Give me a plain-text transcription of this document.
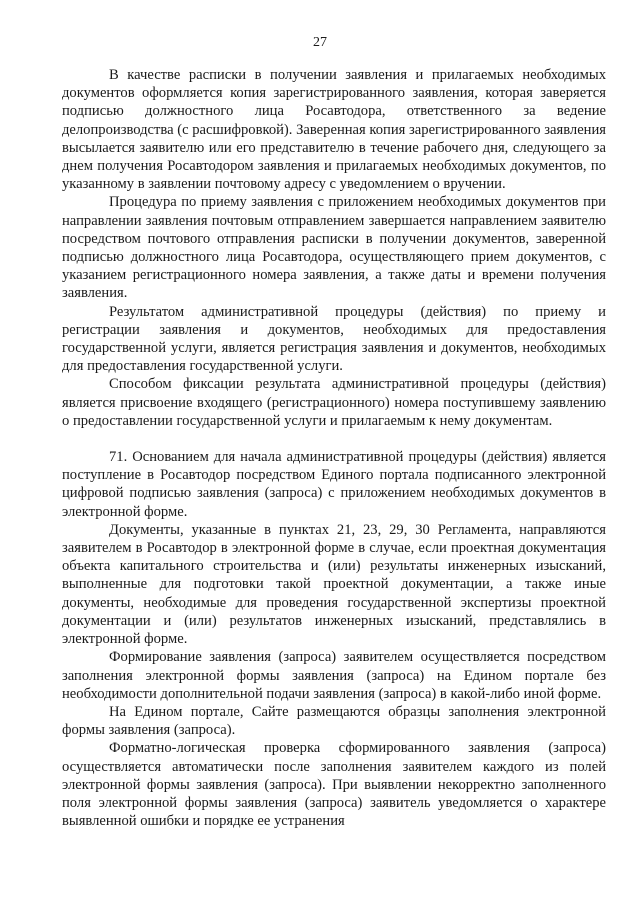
27

В качестве расписки в получении заявления и прилагаемых необходимых документов оформляется копия зарегистрированного заявления, которая заверяется подписью должностного лица Росавтодора, ответственного за ведение делопроизводства (с расшифровкой). Заверенная копия зарегистрированного заявления высылается заявителю или его представителю в течение рабочего дня, следующего за днем получения Росавтодором заявления и прилагаемых необходимых документов, по указанному в заявлении почтовому адресу с уведомлением о вручении.

Процедура по приему заявления с приложением необходимых документов при направлении заявления почтовым отправлением завершается направлением заявителю посредством почтового отправления расписки в получении документов, заверенной подписью должностного лица Росавтодора, осуществляющего прием документов, с указанием регистрационного номера заявления, а также даты и времени получения заявления.

Результатом административной процедуры (действия) по приему и регистрации заявления и документов, необходимых для предоставления государственной услуги, является регистрация заявления и документов, необходимых для предоставления государственной услуги.

Способом фиксации результата административной процедуры (действия) является присвоение входящего (регистрационного) номера поступившему заявлению о предоставлении государственной услуги и прилагаемым к нему документам.

71. Основанием для начала административной процедуры (действия) является поступление в Росавтодор посредством Единого портала подписанного электронной цифровой подписью заявления (запроса) с приложением необходимых документов в электронной форме.

Документы, указанные в пунктах 21, 23, 29, 30 Регламента, направляются заявителем в Росавтодор в электронной форме в случае, если проектная документация объекта капитального строительства и (или) результаты инженерных изысканий, выполненные для подготовки такой проектной документации, а также иные документы, необходимые для проведения государственной экспертизы проектной документации и (или) результатов инженерных изысканий, представлялись в электронной форме.

Формирование заявления (запроса) заявителем осуществляется посредством заполнения электронной формы заявления (запроса) на Едином портале без необходимости дополнительной подачи заявления (запроса) в какой-либо иной форме.

На Едином портале, Сайте размещаются образцы заполнения электронной формы заявления (запроса).

Форматно-логическая проверка сформированного заявления (запроса) осуществляется автоматически после заполнения заявителем каждого из полей электронной формы заявления (запроса). При выявлении некорректно заполненного поля электронной формы заявления (запроса) заявитель уведомляется о характере выявленной ошибки и порядке ее устранения
